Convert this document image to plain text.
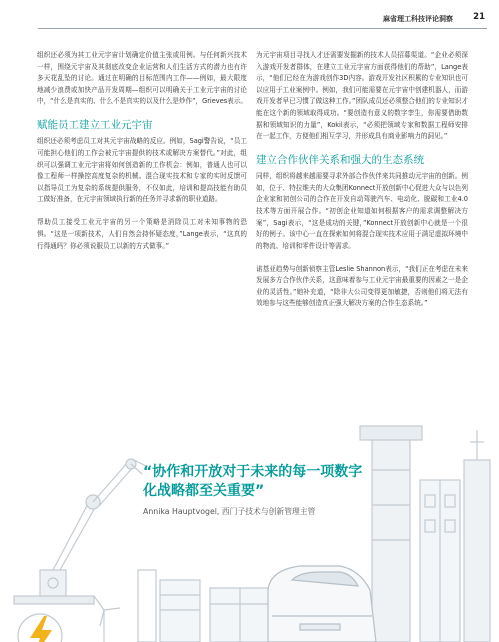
麻省理工科技评论洞察 21

组织还必须为其工业元宇宙计划确定价值主张或用例。与任何新兴技术一样，围绕元宇宙及其彻底改变企业运营和人们生活方式的潜力也有许多天花乱坠的讨论。通过在明确的目标范围内工作——例如，最大限度地减少浪费或加快产品开发周期—组织可以明确关于工业元宇宙的讨论中，“什么是真实的、什么不是真实的以及什么是炒作”，Grieves表示。

赋能员工建立工业元宇宙

组织还必须考虑员工对其元宇宙战略的反应。例如，Sagi警告说，“员工可能担心他们的工作会被元宇宙提供的技术或解决方案替代。”对此，组织可以强调工业元宇宙将如何创造新的工作机会：例如，普通人也可以像工程师一样操控高度复杂的机械。混合现实技术和专家的实时反馈可以指导员工为复杂的系统提供服务，不仅如此，培训和提高技能有助员工做好准备，在元宇宙领域执行新的任务并寻求新的职业道路。

帮助员工接受工业元宇宙的另一个策略是消除员工对未知事物的恐惧。“这是一项新技术，人们自然会持怀疑态度，”Lange表示，“这真的行得通吗？你必须说服员工以新的方式做事。”

为元宇宙项目寻找人才还需要发掘新的技术人员招募渠道。“企业必须深入游戏开发者群体，在建立工业元宇宙方面获得他们的帮助”，Lange表示，“他们已经在为游戏创作3D内容。游戏开发社区积累的专业知识也可以应用于工业案例中。例如，我们可能需要在元宇宙中创建机器人，而游戏开发者早已习惯了做这种工作。”团队成员还必须整合他们的专业知识才能在这个新的领域取得成功。“要创造有意义的数字孪生，你需要借助数据和领域知识的力量”，Kokil表示，“必须把领域专家和数据工程师安排在一起工作，方便他们相互学习，并形成具有商业影响力的洞见。”

建立合作伙伴关系和强大的生态系统

同样，组织将越来越需要寻求外部合作伙伴来共同推动元宇宙的创新。例如，位于、特拉维夫的大众集团Konnect开放创新中心促进大众与以色列企业家和初创公司的合作在开发自动驾驶汽车、电动化、脱碳和工业4.0技术等方面开展合作。“初创企业知道如何根据客户的需求调整解决方案”，Sagi表示，“这是成功的关键，”Konnect开放创新中心就是一个很好的例子。该中心一直在探索如何将混合现实技术应用于满足虚拟环境中的物流、培训和零件设计等需求。

诺基亚趋势与创新侦察主管Leslie Shannon表示，“我们正在考虑在未来发展多方合作伙伴关系，这意味着参与工业元宇宙最重要的因素之一是企业的灵活性。”她补充道，“除非大公司变得更加敏捷，否则他们将无法有效地参与这些能够创造真正强大解决方案的合作生态系统。”

“协作和开放对于未来的每一项数字化战略都至关重要”
Annika Hauptvogel, 西门子技术与创新管理主管
